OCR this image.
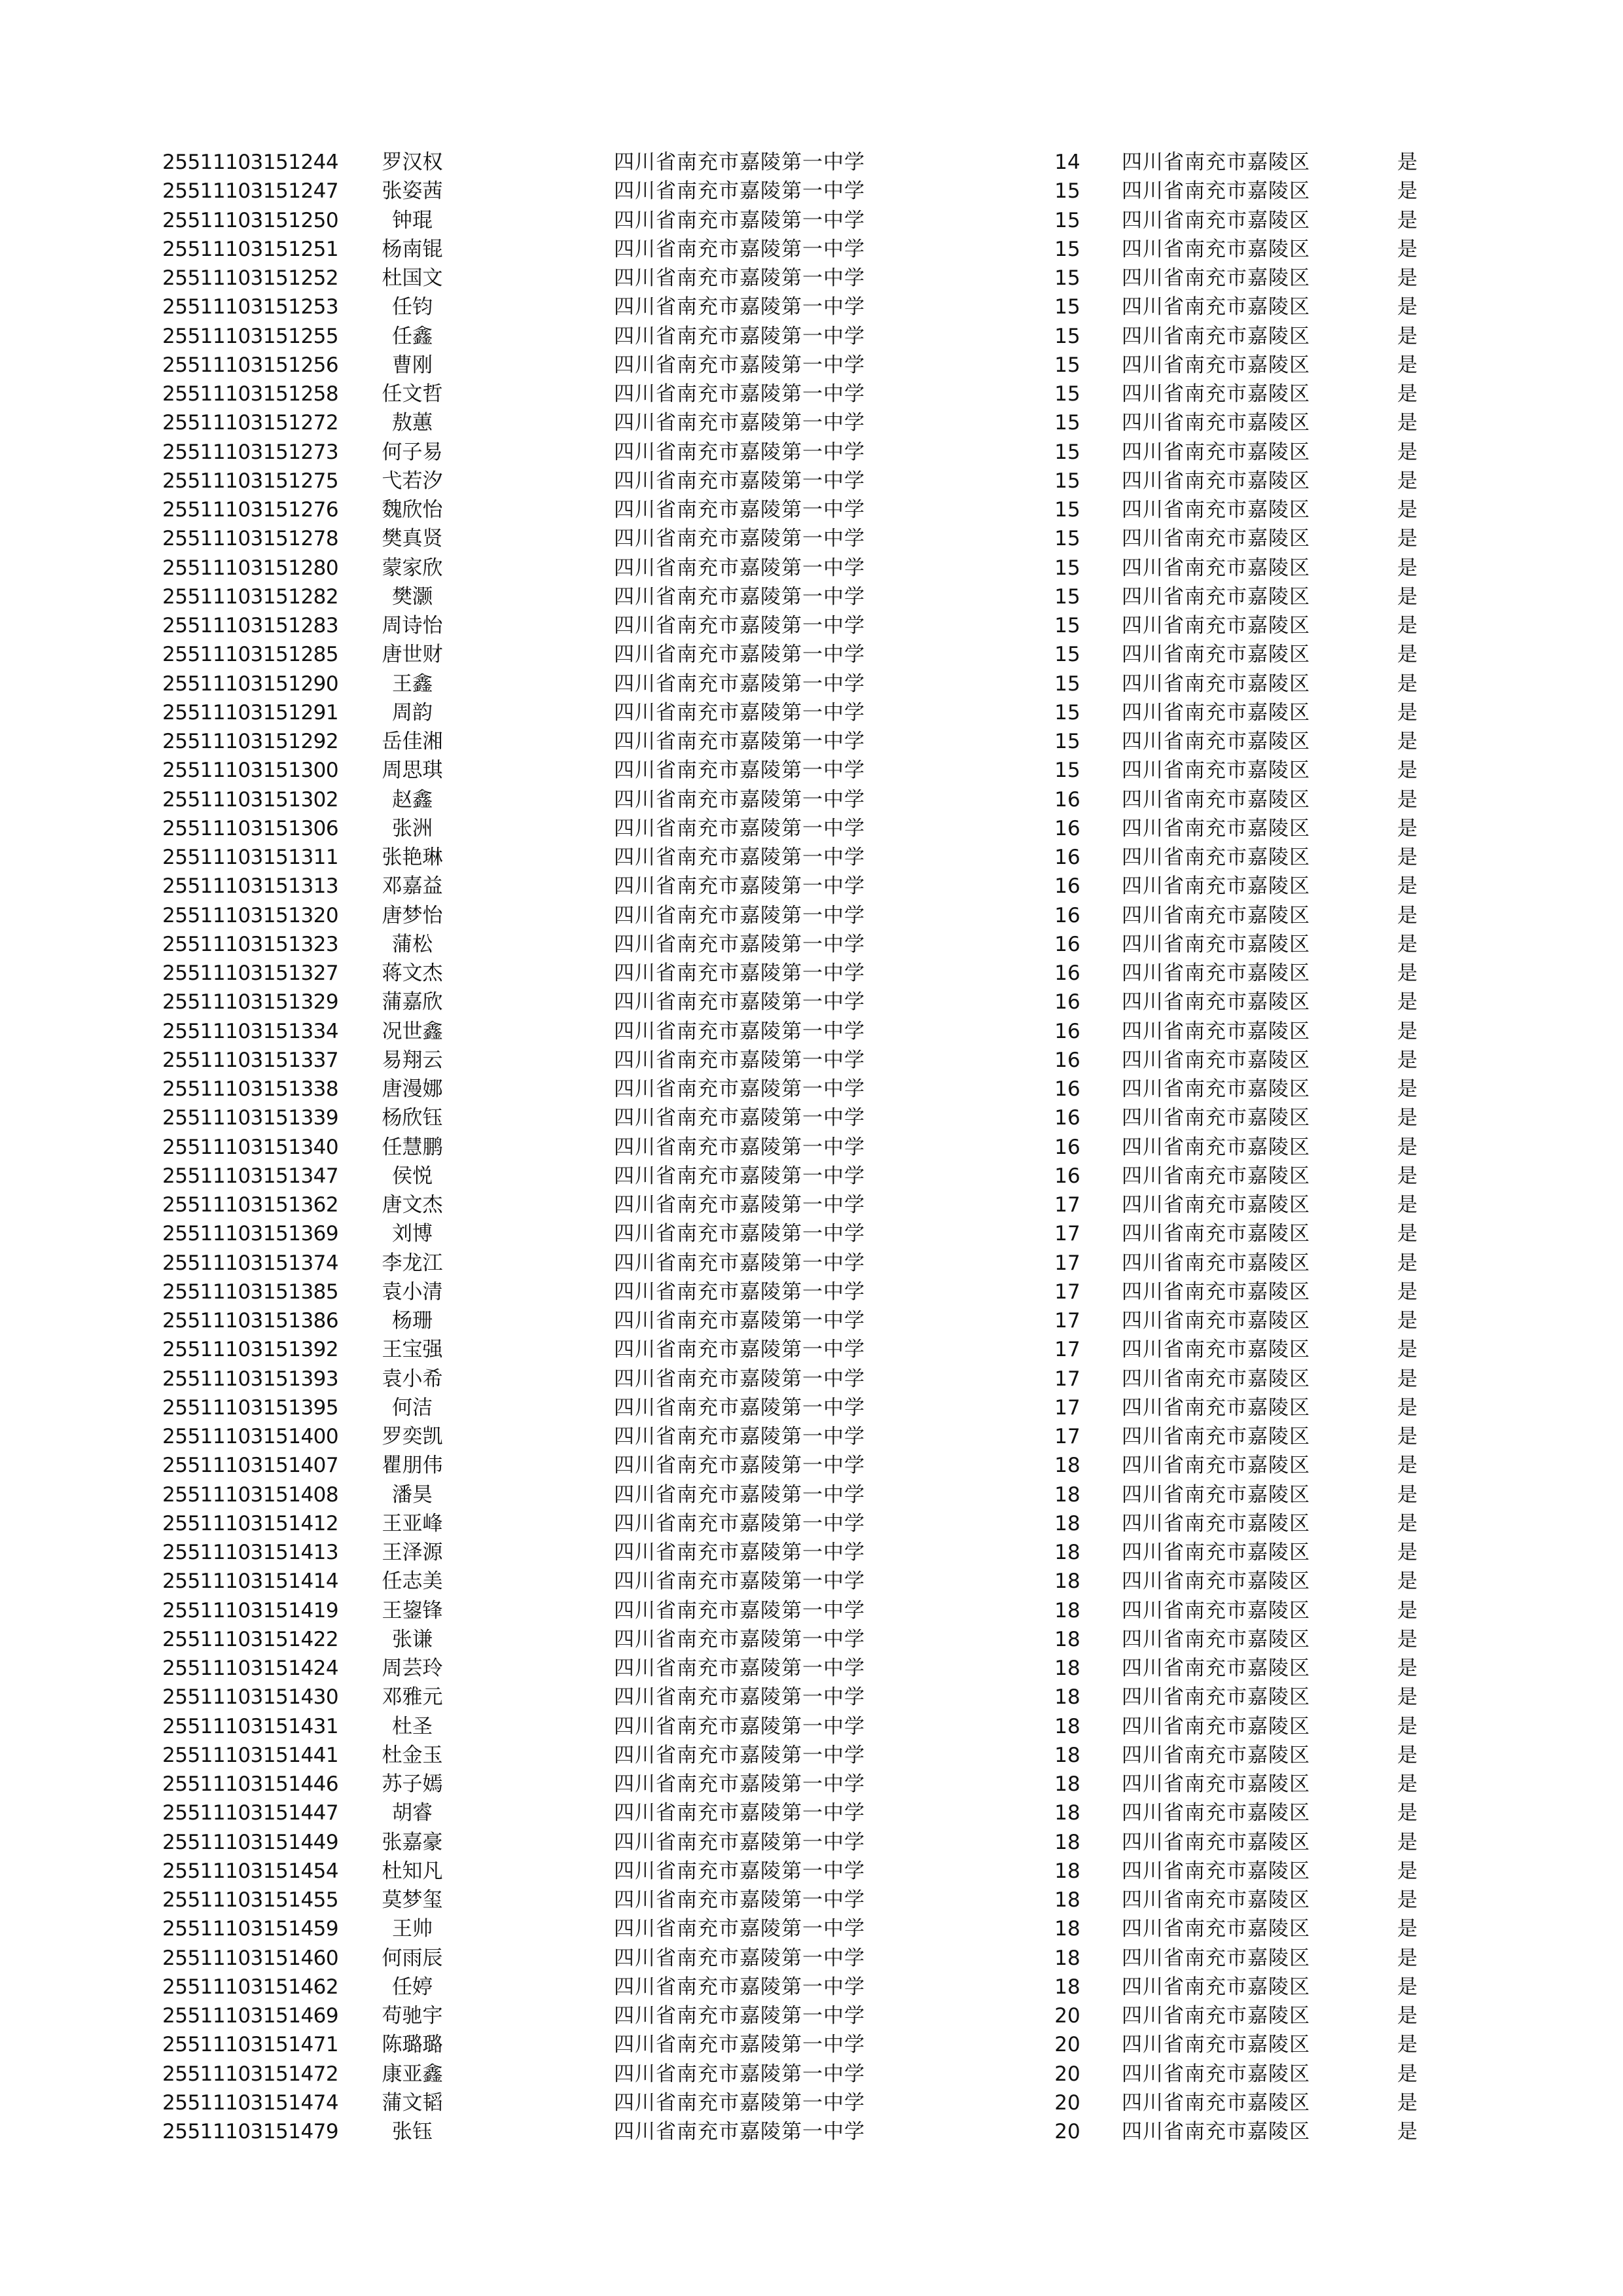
25511103151244	罗汉权	四川省南充市嘉陵第一中学	14	四川省南充市嘉陵区	是
25511103151247	张姿茜	四川省南充市嘉陵第一中学	15	四川省南充市嘉陵区	是
25511103151250	钟琨	四川省南充市嘉陵第一中学	15	四川省南充市嘉陵区	是
25511103151251	杨南锟	四川省南充市嘉陵第一中学	15	四川省南充市嘉陵区	是
25511103151252	杜国文	四川省南充市嘉陵第一中学	15	四川省南充市嘉陵区	是
25511103151253	任钧	四川省南充市嘉陵第一中学	15	四川省南充市嘉陵区	是
25511103151255	任鑫	四川省南充市嘉陵第一中学	15	四川省南充市嘉陵区	是
25511103151256	曹刚	四川省南充市嘉陵第一中学	15	四川省南充市嘉陵区	是
25511103151258	任文哲	四川省南充市嘉陵第一中学	15	四川省南充市嘉陵区	是
25511103151272	敖蕙	四川省南充市嘉陵第一中学	15	四川省南充市嘉陵区	是
25511103151273	何子易	四川省南充市嘉陵第一中学	15	四川省南充市嘉陵区	是
25511103151275	弋若汐	四川省南充市嘉陵第一中学	15	四川省南充市嘉陵区	是
25511103151276	魏欣怡	四川省南充市嘉陵第一中学	15	四川省南充市嘉陵区	是
25511103151278	樊真贤	四川省南充市嘉陵第一中学	15	四川省南充市嘉陵区	是
25511103151280	蒙家欣	四川省南充市嘉陵第一中学	15	四川省南充市嘉陵区	是
25511103151282	樊灏	四川省南充市嘉陵第一中学	15	四川省南充市嘉陵区	是
25511103151283	周诗怡	四川省南充市嘉陵第一中学	15	四川省南充市嘉陵区	是
25511103151285	唐世财	四川省南充市嘉陵第一中学	15	四川省南充市嘉陵区	是
25511103151290	王鑫	四川省南充市嘉陵第一中学	15	四川省南充市嘉陵区	是
25511103151291	周韵	四川省南充市嘉陵第一中学	15	四川省南充市嘉陵区	是
25511103151292	岳佳湘	四川省南充市嘉陵第一中学	15	四川省南充市嘉陵区	是
25511103151300	周思琪	四川省南充市嘉陵第一中学	15	四川省南充市嘉陵区	是
25511103151302	赵鑫	四川省南充市嘉陵第一中学	16	四川省南充市嘉陵区	是
25511103151306	张洲	四川省南充市嘉陵第一中学	16	四川省南充市嘉陵区	是
25511103151311	张艳琳	四川省南充市嘉陵第一中学	16	四川省南充市嘉陵区	是
25511103151313	邓嘉益	四川省南充市嘉陵第一中学	16	四川省南充市嘉陵区	是
25511103151320	唐梦怡	四川省南充市嘉陵第一中学	16	四川省南充市嘉陵区	是
25511103151323	蒲松	四川省南充市嘉陵第一中学	16	四川省南充市嘉陵区	是
25511103151327	蒋文杰	四川省南充市嘉陵第一中学	16	四川省南充市嘉陵区	是
25511103151329	蒲嘉欣	四川省南充市嘉陵第一中学	16	四川省南充市嘉陵区	是
25511103151334	况世鑫	四川省南充市嘉陵第一中学	16	四川省南充市嘉陵区	是
25511103151337	易翔云	四川省南充市嘉陵第一中学	16	四川省南充市嘉陵区	是
25511103151338	唐漫娜	四川省南充市嘉陵第一中学	16	四川省南充市嘉陵区	是
25511103151339	杨欣钰	四川省南充市嘉陵第一中学	16	四川省南充市嘉陵区	是
25511103151340	任慧鹏	四川省南充市嘉陵第一中学	16	四川省南充市嘉陵区	是
25511103151347	侯悦	四川省南充市嘉陵第一中学	16	四川省南充市嘉陵区	是
25511103151362	唐文杰	四川省南充市嘉陵第一中学	17	四川省南充市嘉陵区	是
25511103151369	刘博	四川省南充市嘉陵第一中学	17	四川省南充市嘉陵区	是
25511103151374	李龙江	四川省南充市嘉陵第一中学	17	四川省南充市嘉陵区	是
25511103151385	袁小清	四川省南充市嘉陵第一中学	17	四川省南充市嘉陵区	是
25511103151386	杨珊	四川省南充市嘉陵第一中学	17	四川省南充市嘉陵区	是
25511103151392	王宝强	四川省南充市嘉陵第一中学	17	四川省南充市嘉陵区	是
25511103151393	袁小希	四川省南充市嘉陵第一中学	17	四川省南充市嘉陵区	是
25511103151395	何洁	四川省南充市嘉陵第一中学	17	四川省南充市嘉陵区	是
25511103151400	罗奕凯	四川省南充市嘉陵第一中学	17	四川省南充市嘉陵区	是
25511103151407	瞿朋伟	四川省南充市嘉陵第一中学	18	四川省南充市嘉陵区	是
25511103151408	潘昊	四川省南充市嘉陵第一中学	18	四川省南充市嘉陵区	是
25511103151412	王亚峰	四川省南充市嘉陵第一中学	18	四川省南充市嘉陵区	是
25511103151413	王泽源	四川省南充市嘉陵第一中学	18	四川省南充市嘉陵区	是
25511103151414	任志美	四川省南充市嘉陵第一中学	18	四川省南充市嘉陵区	是
25511103151419	王鋆锋	四川省南充市嘉陵第一中学	18	四川省南充市嘉陵区	是
25511103151422	张谦	四川省南充市嘉陵第一中学	18	四川省南充市嘉陵区	是
25511103151424	周芸玲	四川省南充市嘉陵第一中学	18	四川省南充市嘉陵区	是
25511103151430	邓雅元	四川省南充市嘉陵第一中学	18	四川省南充市嘉陵区	是
25511103151431	杜圣	四川省南充市嘉陵第一中学	18	四川省南充市嘉陵区	是
25511103151441	杜金玉	四川省南充市嘉陵第一中学	18	四川省南充市嘉陵区	是
25511103151446	苏子嫣	四川省南充市嘉陵第一中学	18	四川省南充市嘉陵区	是
25511103151447	胡睿	四川省南充市嘉陵第一中学	18	四川省南充市嘉陵区	是
25511103151449	张嘉豪	四川省南充市嘉陵第一中学	18	四川省南充市嘉陵区	是
25511103151454	杜知凡	四川省南充市嘉陵第一中学	18	四川省南充市嘉陵区	是
25511103151455	莫梦玺	四川省南充市嘉陵第一中学	18	四川省南充市嘉陵区	是
25511103151459	王帅	四川省南充市嘉陵第一中学	18	四川省南充市嘉陵区	是
25511103151460	何雨辰	四川省南充市嘉陵第一中学	18	四川省南充市嘉陵区	是
25511103151462	任婷	四川省南充市嘉陵第一中学	18	四川省南充市嘉陵区	是
25511103151469	苟驰宇	四川省南充市嘉陵第一中学	20	四川省南充市嘉陵区	是
25511103151471	陈璐璐	四川省南充市嘉陵第一中学	20	四川省南充市嘉陵区	是
25511103151472	康亚鑫	四川省南充市嘉陵第一中学	20	四川省南充市嘉陵区	是
25511103151474	蒲文韬	四川省南充市嘉陵第一中学	20	四川省南充市嘉陵区	是
25511103151479	张钰	四川省南充市嘉陵第一中学	20	四川省南充市嘉陵区	是
